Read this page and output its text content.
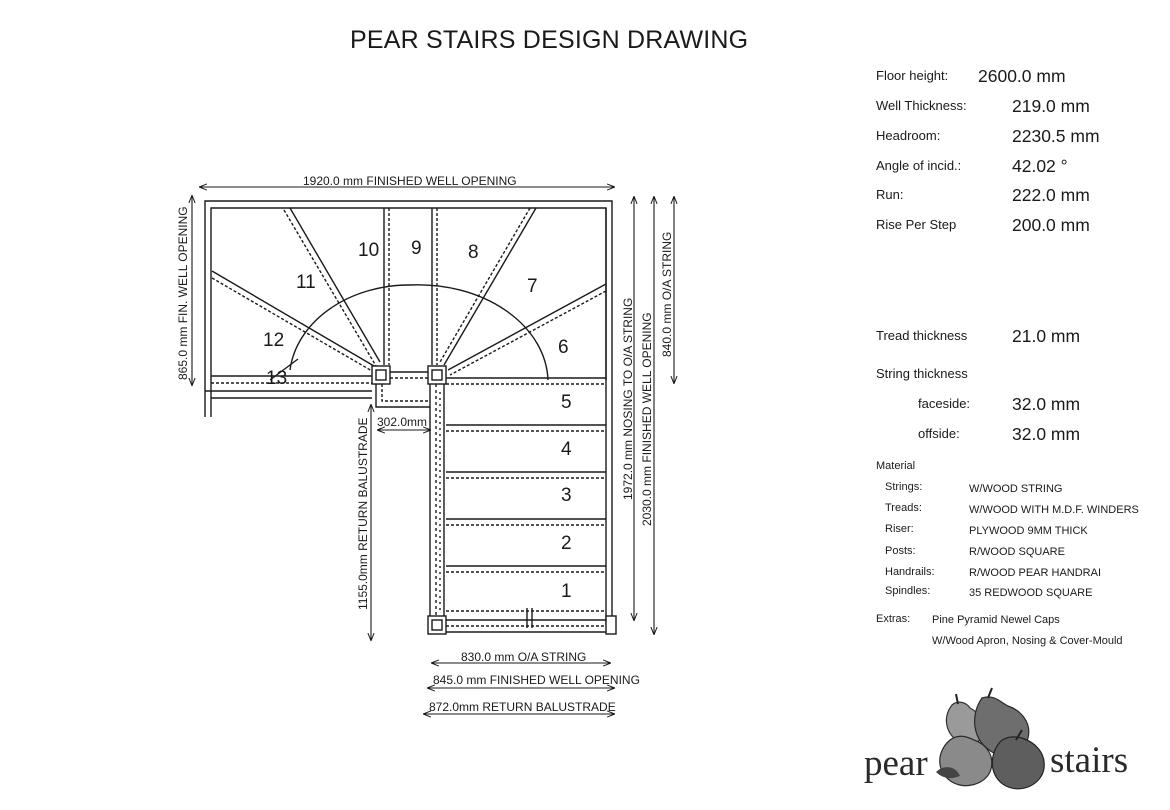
PEAR STAIRS DESIGN DRAWING
Floor height: 2600.0 mm
Well Thickness:	219.0 mm
Headroom:	2230.5 mm
Angle of incid.:	42.02 °
Run:	222.0 mm
Rise Per Step	200.0 mm
Tread thickness	21.0 mm
String thickness
faceside: 32.0 mm
offside:	32.0 mm
Material
Strings:	W/WOOD STRING
Treads:	W/WOOD WITH M.D.F. WINDERS
Riser:	PLYWOOD 9MM THICK
Posts:	R/WOOD SQUARE
Handrails:	R/WOOD PEAR HANDRAI
Spindles:	35 REDWOOD SQUARE
Extras: Pine Pyramid Newel Caps
W/Wood Apron, Nosing & Cover-Mould
1920.0 mm FINISHED WELL OPENING
865.0 mm FIN. WELL OPENING
1972.0 mm NOSING TO O/A STRING 2030.0 mm FINISHED WELL OPENING
840.0 mm O/A STRING
1155.0mm RETURN BALUSTRADE 302.0mm
830.0 mm O/A STRING
845.0 mm FINISHED WELL OPENING
872.0mm RETURN BALUSTRADE
1
2
3
4
5
6
7
8
9
10
11
12
13
pear	stairs
